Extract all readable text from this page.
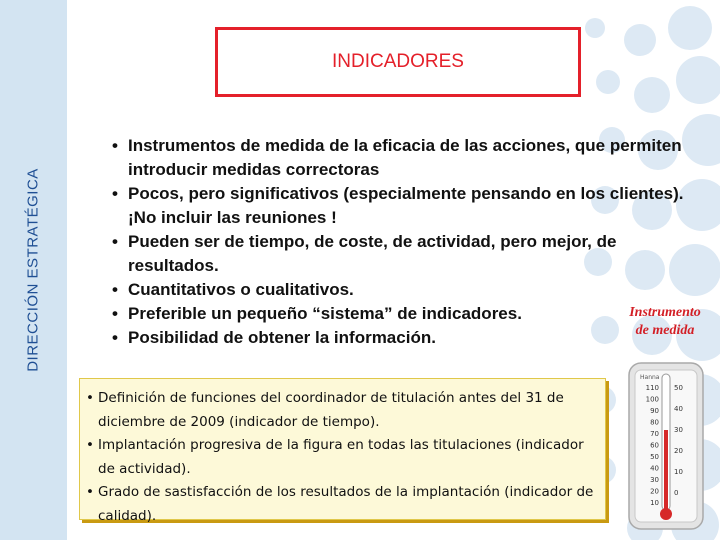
DIRECCIÓN ESTRATÉGICA
INDICADORES
• Instrumentos de medida de la eficacia de las acciones, que permiten introducir medidas correctoras
• Pocos, pero significativos (especialmente pensando en los clientes). ¡No incluir las reuniones !
• Pueden ser de tiempo, de coste, de actividad, pero mejor, de resultados.
• Cuantitativos o cualitativos.
• Preferible un pequeño “sistema” de indicadores.
• Posibilidad de obtener la información.
Instrumento
de medida
• Definición de funciones del coordinador de titulación antes del 31 de diciembre de 2009 (indicador de tiempo).
• Implantación progresiva de la figura en todas las titulaciones (indicador de actividad).
• Grado de sastisfacción de los resultados de la implantación (indicador de calidad).
Hanna
110
100
90
80
70
60
50
40
30
20
10
50
40
30
20
10
0
